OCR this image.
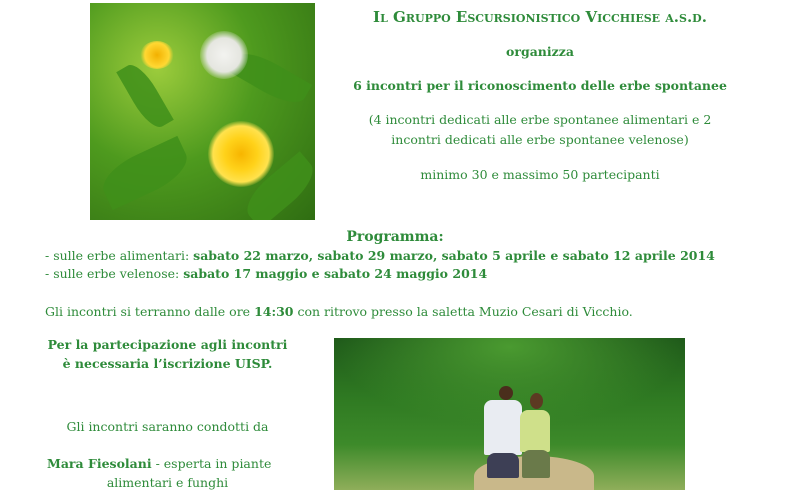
Il Gruppo Escursionistico Vicchiese a.s.d.
organizza
6 incontri per il riconoscimento delle erbe spontanee
(4 incontri dedicati alle erbe spontanee alimentari e 2
incontri dedicati alle erbe spontanee velenose)
minimo 30 e massimo 50 partecipanti
Programma:
- sulle erbe alimentari: sabato 22 marzo, sabato 29 marzo, sabato 5 aprile e sabato 12 aprile 2014
- sulle erbe velenose: sabato 17 maggio e sabato 24 maggio 2014
Gli incontri si terranno dalle ore 14:30 con ritrovo presso la saletta Muzio Cesari di Vicchio.
Per la partecipazione agli incontri
è necessaria l’iscrizione UISP.
Gli incontri saranno condotti da
Mara Fiesolani - esperta in piante
alimentari e funghi
